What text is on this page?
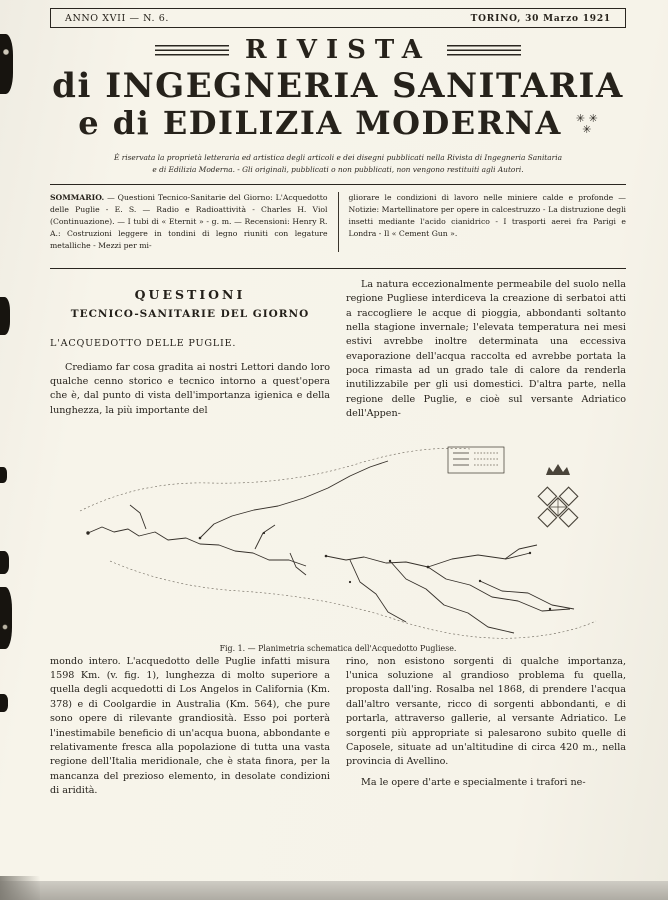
ANNO XVII — N. 6.	TORINO, 30 Marzo 1921
RIVISTA
di INGEGNERIA SANITARIA
e di EDILIZIA MODERNA ✳ ✳
✳
È riservata la proprietà letteraria ed artistica degli articoli e dei disegni pubblicati nella Rivista di Ingegneria Sanitaria
e di Edilizia Moderna. - Gli originali, pubblicati o non pubblicati, non vengono restituiti agli Autori.
SOMMARIO. — Questioni Tecnico-Sanitarie del Giorno: L'Acquedotto delle Puglie - E. S. — Radio e Radioattività - Charles H. Viol (Continuazione). — I tubi di « Eternit » - g. m. — Recensioni: Henry R. A.: Costruzioni leggere in tondini di legno riuniti con legature metalliche - Mezzi per mi-
gliorare le condizioni di lavoro nelle miniere calde e profonde — Notizie: Martellinatore per opere in calcestruzzo - La distruzione degli insetti mediante l'acido cianidrico - I trasporti aerei fra Parigi e Londra - Il « Cement Gun ».
QUESTIONI
TECNICO-SANITARIE DEL GIORNO
L'ACQUEDOTTO DELLE PUGLIE.

Crediamo far cosa gradita ai nostri Lettori dando loro qualche cenno storico e tecnico intorno a quest'opera che è, dal punto di vista dell'importanza igienica e della lunghezza, la più importante del

La natura eccezionalmente permeabile del suolo nella regione Pugliese interdiceva la creazione di serbatoi atti a raccogliere le acque di pioggia, abbondanti soltanto nella stagione invernale; l'elevata temperatura nei mesi estivi avrebbe inoltre determinata una eccessiva evaporazione dell'acqua raccolta ed avrebbe portata la poca rimasta ad un grado tale di calore da renderla inutilizzabile per gli usi domestici. D'altra parte, nella regione delle Puglie, e cioè sul versante Adriatico dell'Appen-

Fig. 1. — Planimetria schematica dell'Acquedotto Pugliese.

mondo intero. L'acquedotto delle Puglie infatti misura 1598 Km. (v. fig. 1), lunghezza di molto superiore a quella degli acquedotti di Los Angelos in California (Km. 378) e di Coolgardie in Australia (Km. 564), che pure sono opere di rilevante grandiosità. Esso poi porterà l'inestimabile beneficio di un'acqua buona, abbondante e relativamente fresca alla popolazione di tutta una vasta regione dell'Italia meridionale, che è stata finora, per la mancanza del prezioso elemento, in desolate condizioni di aridità.

rino, non esistono sorgenti di qualche importanza, l'unica soluzione al grandioso problema fu quella, proposta dall'ing. Rosalba nel 1868, di prendere l'acqua dall'altro versante, ricco di sorgenti abbondanti, e di portarla, attraverso gallerie, al versante Adriatico. Le sorgenti più appropriate si palesarono subito quelle di Caposele, situate ad un'altitudine di circa 420 m., nella provincia di Avellino.

Ma le opere d'arte e specialmente i trafori ne-
